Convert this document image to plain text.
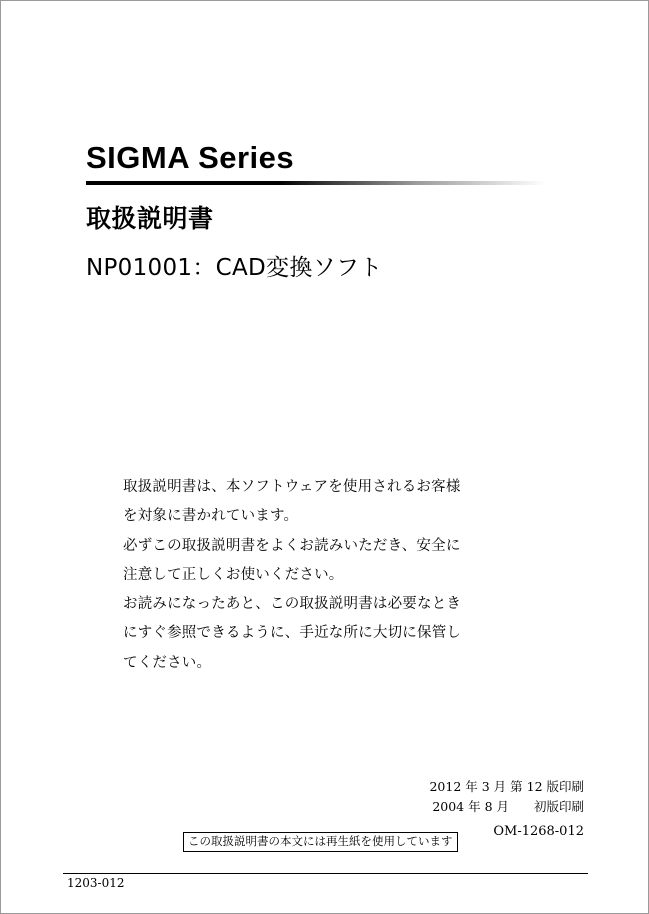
SIGMA Series
取扱説明書
NP01001：CAD変換ソフト

取扱説明書は、本ソフトウェアを使用されるお客様

を対象に書かれています。

必ずこの取扱説明書をよくお読みいただき、安全に

注意して正しくお使いください。

お読みになったあと、この取扱説明書は必要なとき

にすぐ参照できるように、手近な所に大切に保管し

てください。

2012 年 3 月 第 12 版印刷
2004 年 8 月　　初版印刷
OM-1268-012
この取扱説明書の本文には再生紙を使用しています
1203-012
